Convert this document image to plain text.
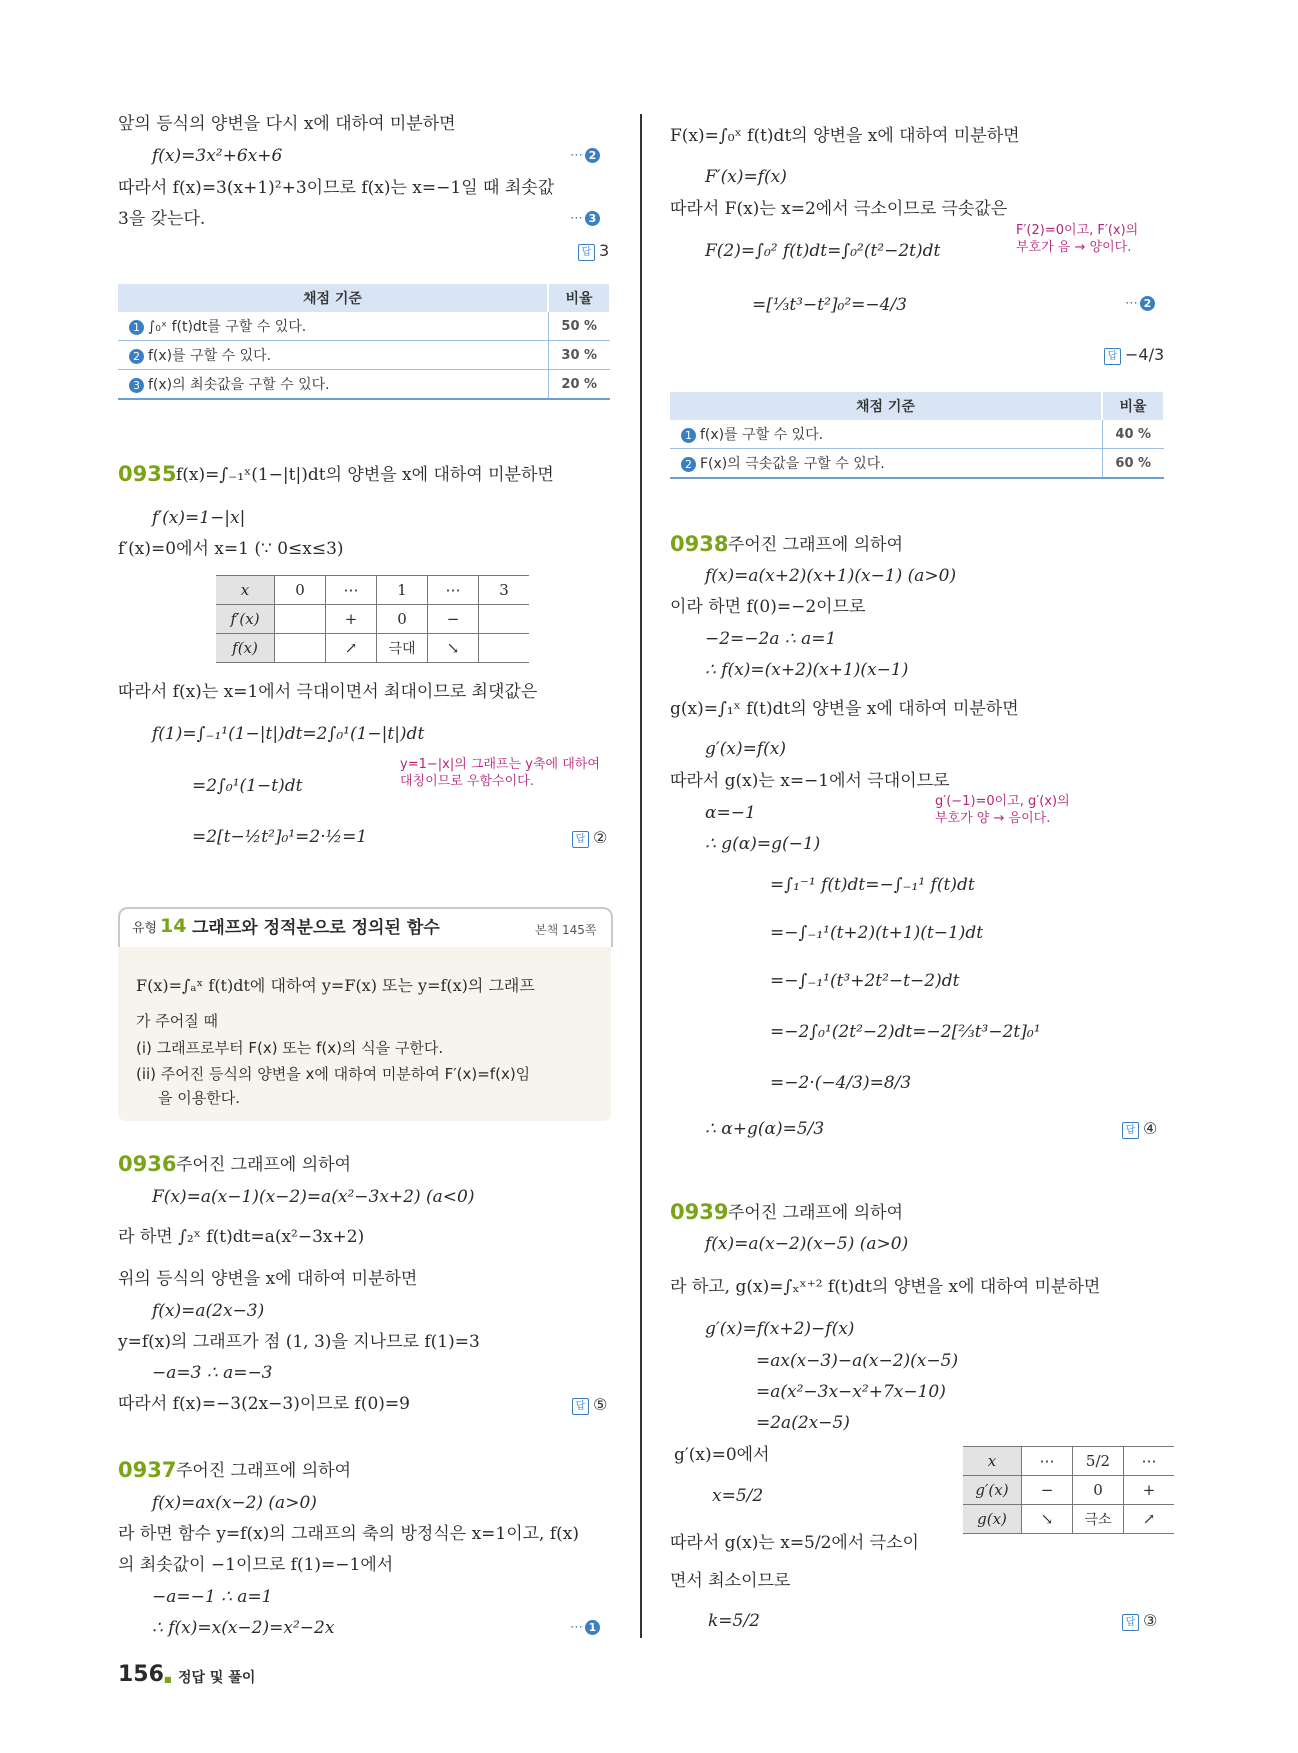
앞의 등식의 양변을 다시 x에 대하여 미분하면
f(x)=3x²+6x+6	⋯ 2
따라서 f(x)=3(x+1)²+3이므로 f(x)는 x=−1일 때 최솟값
3을 갖는다.	⋯ 3
답 3
채점 기준	비율
1 ∫₀ˣ f(t)dt를 구할 수 있다.	50 %
2 f(x)를 구할 수 있다.	30 %
3 f(x)의 최솟값을 구할 수 있다.	20 %
0935 f(x)=∫₋₁ˣ(1−|t|)dt의 양변을 x에 대하여 미분하면
f′(x)=1−|x|
f′(x)=0에서 x=1 (∵ 0≤x≤3)
x	0	⋯	1	⋯	3
f′(x)		+	0	−	
f(x)		↗	극대	↘	
따라서 f(x)는 x=1에서 극대이면서 최대이므로 최댓값은
f(1)=∫₋₁¹(1−|t|)dt=2∫₀¹(1−|t|)dt
y=1−|x|의 그래프는 y축에 대하여
대칭이므로 우함수이다.
=2∫₀¹(1−t)dt
=2[t−½t²]₀¹=2·½=1	답 ②
유형 14 그래프와 정적분으로 정의된 함수	본책 145쪽
F(x)=∫ₐˣ f(t)dt에 대하여 y=F(x) 또는 y=f(x)의 그래프
가 주어질 때
(i) 그래프로부터 F(x) 또는 f(x)의 식을 구한다.
(ii) 주어진 등식의 양변을 x에 대하여 미분하여 F′(x)=f(x)임
을 이용한다.
0936 주어진 그래프에 의하여
F(x)=a(x−1)(x−2)=a(x²−3x+2) (a<0)
라 하면 ∫₂ˣ f(t)dt=a(x²−3x+2)
위의 등식의 양변을 x에 대하여 미분하면
f(x)=a(2x−3)
y=f(x)의 그래프가 점 (1, 3)을 지나므로 f(1)=3
−a=3 ∴ a=−3
따라서 f(x)=−3(2x−3)이므로 f(0)=9	답 ⑤
0937 주어진 그래프에 의하여
f(x)=ax(x−2) (a>0)
라 하면 함수 y=f(x)의 그래프의 축의 방정식은 x=1이고, f(x)
의 최솟값이 −1이므로 f(1)=−1에서
−a=−1 ∴ a=1
∴ f(x)=x(x−2)=x²−2x	⋯ 1
156 ■ 정답 및 풀이
F(x)=∫₀ˣ f(t)dt의 양변을 x에 대하여 미분하면
F′(x)=f(x)
따라서 F(x)는 x=2에서 극소이므로 극솟값은
F′(2)=0이고, F′(x)의
부호가 음 → 양이다.
F(2)=∫₀² f(t)dt=∫₀²(t²−2t)dt
=[⅓t³−t²]₀²=−4/3	⋯ 2
답 −4/3
채점 기준	비율
1 f(x)를 구할 수 있다.	40 %
2 F(x)의 극솟값을 구할 수 있다.	60 %
0938 주어진 그래프에 의하여
f(x)=a(x+2)(x+1)(x−1) (a>0)
이라 하면 f(0)=−2이므로
−2=−2a ∴ a=1
∴ f(x)=(x+2)(x+1)(x−1)
g(x)=∫₁ˣ f(t)dt의 양변을 x에 대하여 미분하면
g′(x)=f(x)
따라서 g(x)는 x=−1에서 극대이므로
g′(−1)=0이고, g′(x)의
부호가 양 → 음이다.
α=−1
∴ g(α)=g(−1)
=∫₁⁻¹ f(t)dt=−∫₋₁¹ f(t)dt
=−∫₋₁¹(t+2)(t+1)(t−1)dt
=−∫₋₁¹(t³+2t²−t−2)dt
=−2∫₀¹(2t²−2)dt=−2[⅔t³−2t]₀¹
=−2·(−4/3)=8/3
∴ α+g(α)=5/3	답 ④
0939 주어진 그래프에 의하여
f(x)=a(x−2)(x−5) (a>0)
라 하고, g(x)=∫ₓˣ⁺² f(t)dt의 양변을 x에 대하여 미분하면
g′(x)=f(x+2)−f(x)
=ax(x−3)−a(x−2)(x−5)
=a(x²−3x−x²+7x−10)
=2a(2x−5)
g′(x)=0에서
x=5/2
따라서 g(x)는 x=5/2에서 극소이
면서 최소이므로
k=5/2	답 ③
x	⋯	5/2	⋯
g′(x)	−	0	+
g(x)	↘	극소	↗
